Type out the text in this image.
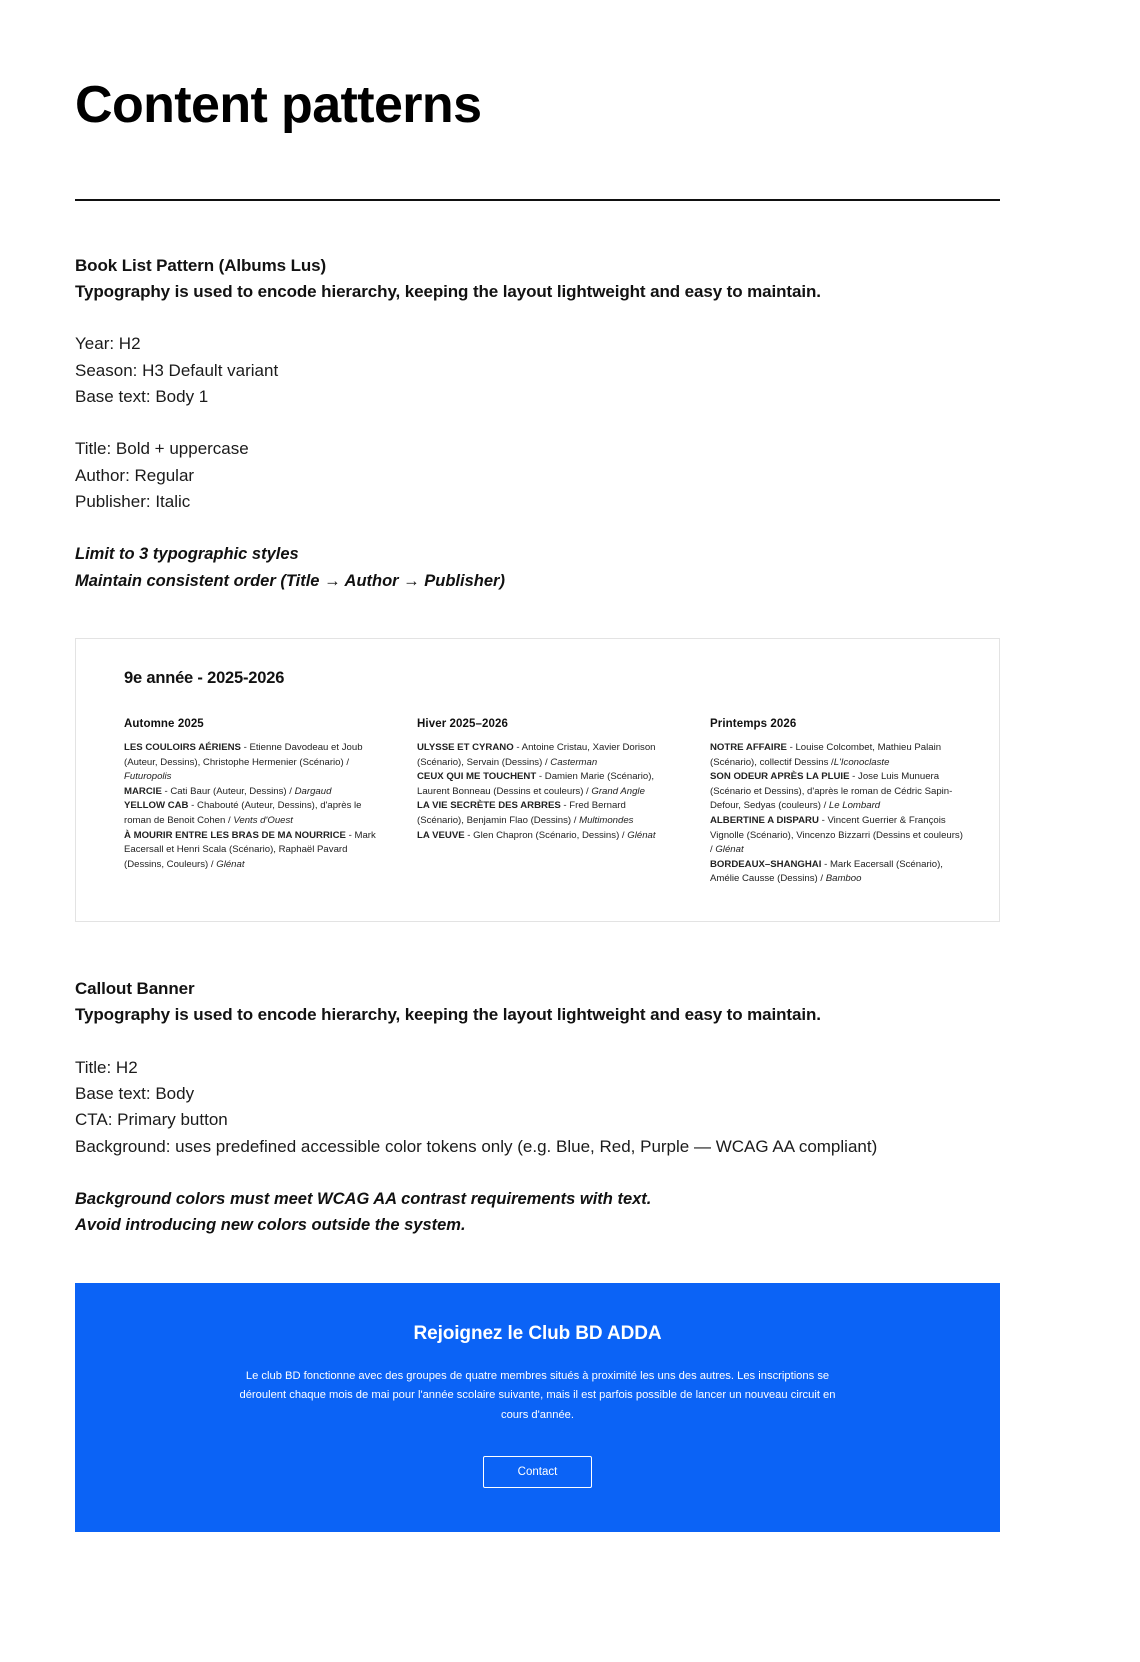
Content patterns

Book List Pattern (Albums Lus)

Typography is used to encode hierarchy, keeping the layout lightweight and easy to maintain.

Year: H2
Season: H3 Default variant
Base text: Body 1
Title: Bold + uppercase
Author: Regular
Publisher: Italic
Limit to 3 typographic styles
Maintain consistent order (Title → Author → Publisher)
9e année - 2025-2026
Automne 2025
LES COULOIRS AÉRIENS - Etienne Davodeau et Joub (Auteur, Dessins), Christophe Hermenier (Scénario) / Futuropolis
MARCIE - Cati Baur (Auteur, Dessins) / Dargaud
YELLOW CAB - Chabouté (Auteur, Dessins), d'après le roman de Benoit Cohen / Vents d'Ouest
À MOURIR ENTRE LES BRAS DE MA NOURRICE - Mark Eacersall et Henri Scala (Scénario), Raphaël Pavard (Dessins, Couleurs) / Glénat
Hiver 2025–2026
ULYSSE ET CYRANO - Antoine Cristau, Xavier Dorison (Scénario), Servain (Dessins) / Casterman
CEUX QUI ME TOUCHENT - Damien Marie (Scénario), Laurent Bonneau (Dessins et couleurs) / Grand Angle
LA VIE SECRÈTE DES ARBRES - Fred Bernard (Scénario), Benjamin Flao (Dessins) / Multimondes
LA VEUVE - Glen Chapron (Scénario, Dessins) / Glénat
Printemps 2026
NOTRE AFFAIRE - Louise Colcombet, Mathieu Palain (Scénario), collectif Dessins /L'Iconoclaste
SON ODEUR APRÈS LA PLUIE - Jose Luis Munuera (Scénario et Dessins), d'après le roman de Cédric Sapin-Defour, Sedyas (couleurs) / Le Lombard
ALBERTINE A DISPARU - Vincent Guerrier & François Vignolle (Scénario), Vincenzo Bizzarri (Dessins et couleurs) / Glénat
BORDEAUX–SHANGHAI - Mark Eacersall (Scénario), Amélie Causse (Dessins) / Bamboo

Callout Banner

Typography is used to encode hierarchy, keeping the layout lightweight and easy to maintain.

Title: H2
Base text: Body
CTA: Primary button
Background: uses predefined accessible color tokens only (e.g. Blue, Red, Purple — WCAG AA compliant)
Background colors must meet WCAG AA contrast requirements with text.
Avoid introducing new colors outside the system.
Rejoignez le Club BD ADDA

Le club BD fonctionne avec des groupes de quatre membres situés à proximité les uns des autres. Les inscriptions se déroulent chaque mois de mai pour l'année scolaire suivante, mais il est parfois possible de lancer un nouveau circuit en cours d'année.

Contact
